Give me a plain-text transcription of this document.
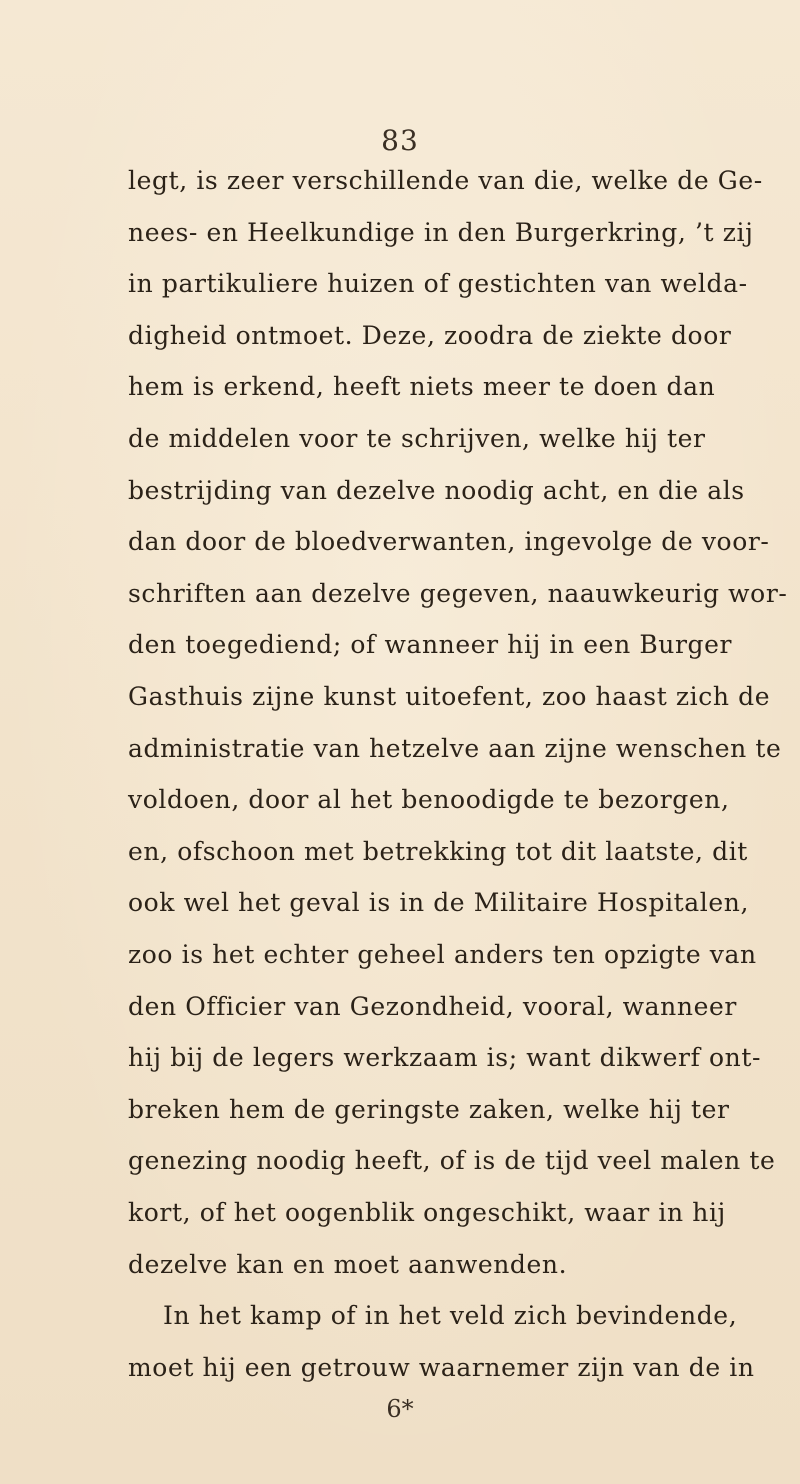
83
legt, is zeer verschillende van die, welke de Ge-
nees- en Heelkundige in den Burgerkring, ’t zij
in partikuliere huizen of gestichten van welda-
digheid ontmoet. Deze, zoodra de ziekte door
hem is erkend, heeft niets meer te doen dan
de middelen voor te schrijven, welke hij ter
bestrijding van dezelve noodig acht, en die als
dan door de bloedverwanten, ingevolge de voor-
schriften aan dezelve gegeven, naauwkeurig wor-
den toegediend; of wanneer hij in een Burger
Gasthuis zijne kunst uitoefent, zoo haast zich de
administratie van hetzelve aan zijne wenschen te
voldoen, door al het benoodigde te bezorgen,
en, ofschoon met betrekking tot dit laatste, dit
ook wel het geval is in de Militaire Hospitalen,
zoo is het echter geheel anders ten opzigte van
den Officier van Gezondheid, vooral, wanneer
hij bij de legers werkzaam is; want dikwerf ont-
breken hem de geringste zaken, welke hij ter
genezing noodig heeft, of is de tijd veel malen te
kort, of het oogenblik ongeschikt, waar in hij
dezelve kan en moet aanwenden.
In het kamp of in het veld zich bevindende,
moet hij een getrouw waarnemer zijn van de in
6*
